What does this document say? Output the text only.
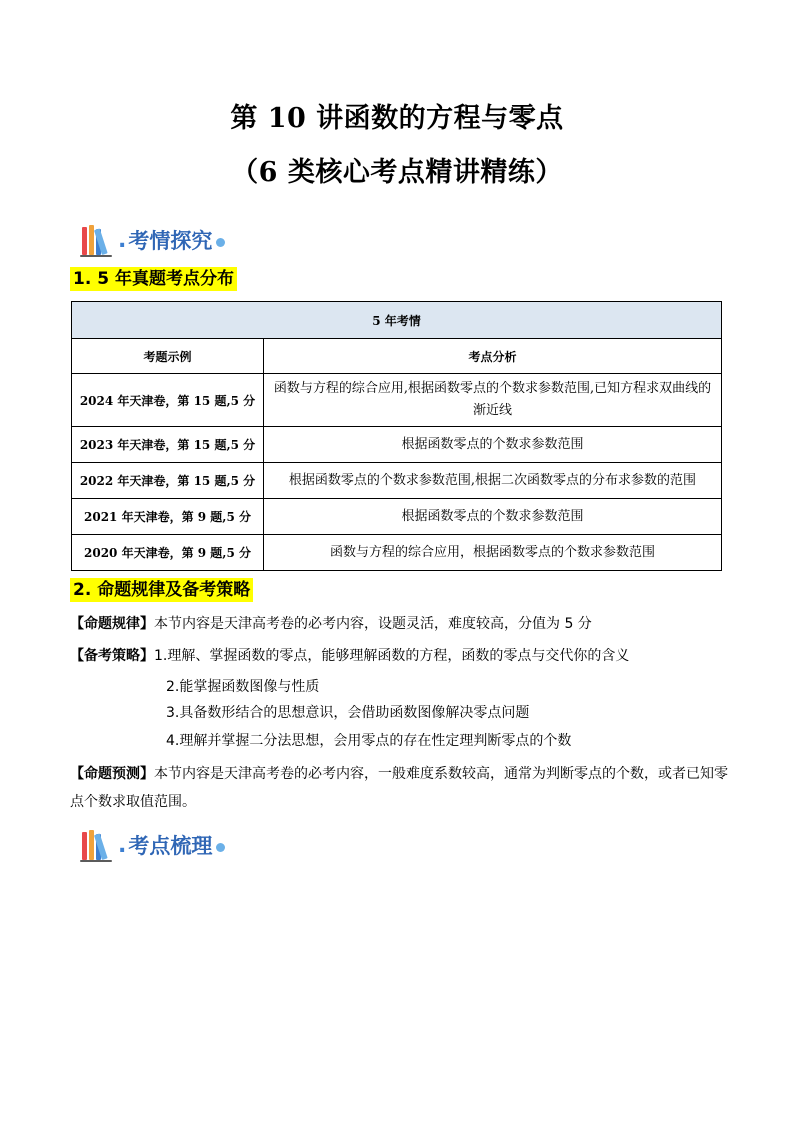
第 10 讲函数的方程与零点
（6 类核心考点精讲精练）
. 考情探究
1. 5 年真题考点分布
5 年考情	
考题示例	考点分析
2024 年天津卷，第 15 题,5 分	函数与方程的综合应用,根据函数零点的个数求参数范围,已知方程求双曲线的渐近线
2023 年天津卷，第 15 题,5 分	根据函数零点的个数求参数范围
2022 年天津卷，第 15 题,5 分	根据函数零点的个数求参数范围,根据二次函数零点的分布求参数的范围
2021 年天津卷，第 9 题,5 分	根据函数零点的个数求参数范围
2020 年天津卷，第 9 题,5 分	函数与方程的综合应用，根据函数零点的个数求参数范围
2. 命题规律及备考策略
【命题规律】本节内容是天津高考卷的必考内容，设题灵活，难度较高，分值为 5 分
【备考策略】1.理解、掌握函数的零点，能够理解函数的方程，函数的零点与交代你的含义
2.能掌握函数图像与性质
3.具备数形结合的思想意识，会借助函数图像解决零点问题
4.理解并掌握二分法思想，会用零点的存在性定理判断零点的个数
【命题预测】本节内容是天津高考卷的必考内容，一般难度系数较高，通常为判断零点的个数，或者已知零点个数求取值范围。
. 考点梳理
